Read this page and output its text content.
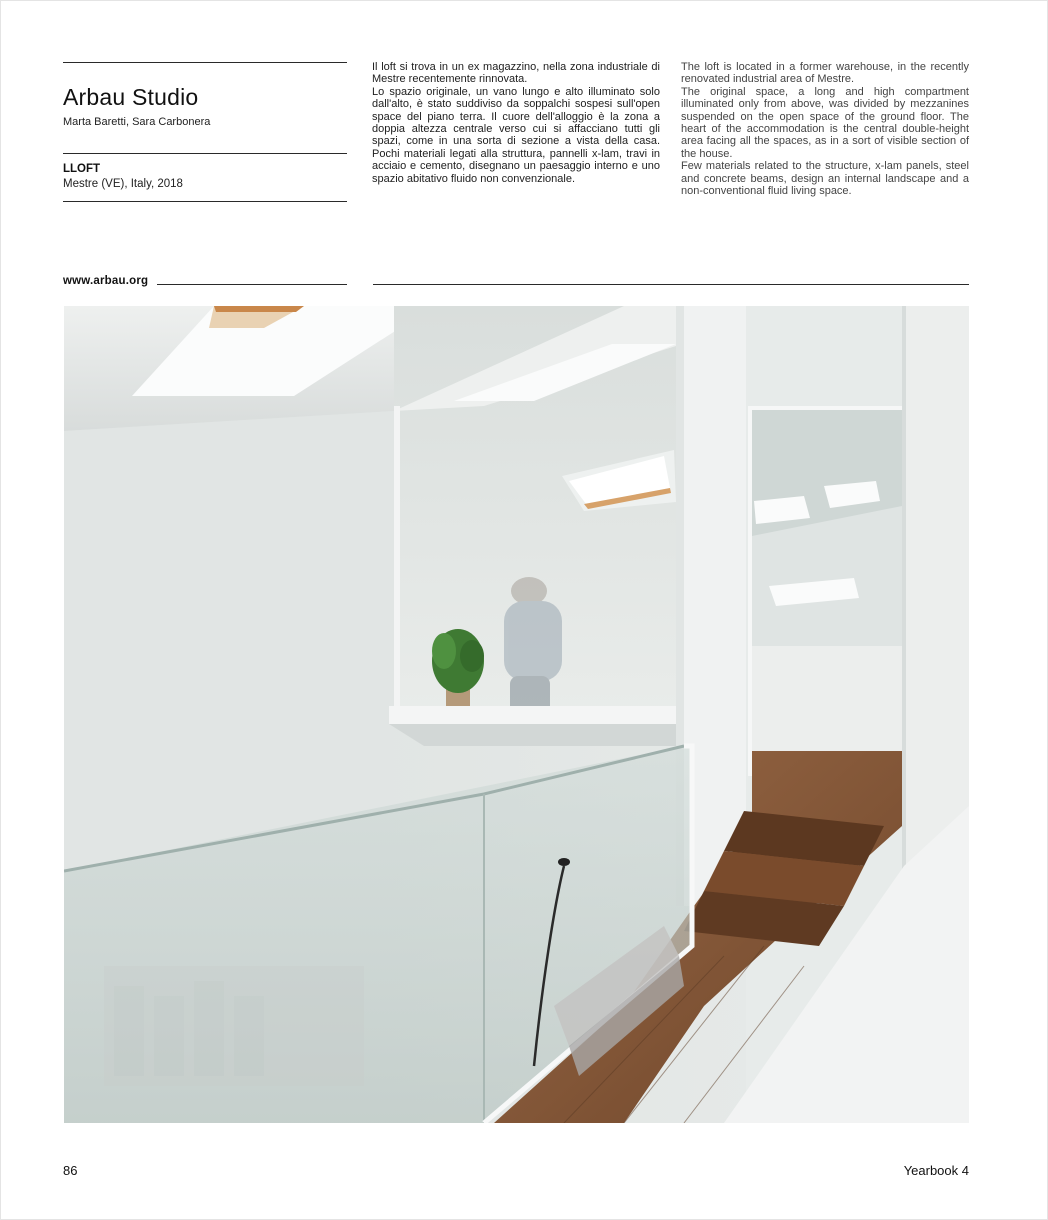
Arbau Studio
Marta Baretti, Sara Carbonera
LLOFT
Mestre (VE), Italy, 2018

Il loft si trova in un ex magazzino, nella zona industriale di Mestre recentemente rinnovata.

Lo spazio originale, un vano lungo e alto illuminato solo dall'alto, è stato suddiviso da soppalchi sospesi sull'open space del piano terra. Il cuore dell'alloggio è la zona a doppia altezza centrale verso cui si affacciano tutti gli spazi, come in una sorta di sezione a vista della casa. Pochi materiali legati alla struttura, pannelli x-lam, travi in acciaio e cemento, disegnano un paesaggio interno e uno spazio abitativo fluido non convenzionale.

The loft is located in a former warehouse, in the recently renovated industrial area of Mestre.

The original space, a long and high compartment illuminated only from above, was divided by mezzanines suspended on the open space of the ground floor. The heart of the accommodation is the central double-height area facing all the spaces, as in a sort of visible section of the house.

Few materials related to the structure, x-lam panels, steel and concrete beams, design an internal landscape and a non-conventional fluid living space.

www.arbau.org
86	Yearbook 4
